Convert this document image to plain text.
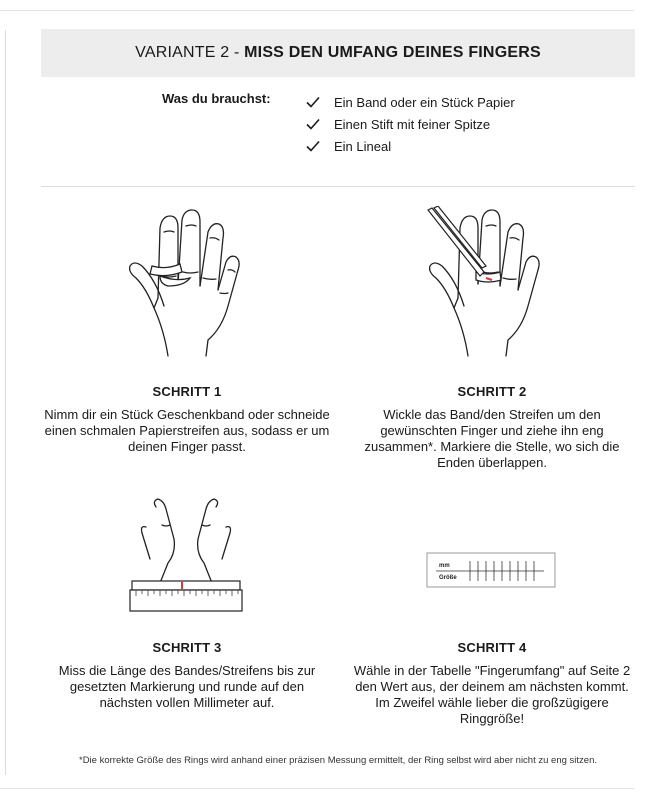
VARIANTE 2 - MISS DEN UMFANG DEINES FINGERS
Was du brauchst:	Ein Band oder ein Stück Papier
Einen Stift mit feiner Spitze
Ein Lineal
mm
Größe
SCHRITT 1

Nimm dir ein Stück Geschenkband oder schneide einen schmalen Papierstreifen aus, sodass er um deinen Finger passt.

SCHRITT 2

Wickle das Band/den Streifen um den gewünschten Finger und ziehe ihn eng zusammen*. Markiere die Stelle, wo sich die Enden überlappen.

SCHRITT 3

Miss die Länge des Bandes/Streifens bis zur gesetzten Markierung und runde auf den nächsten vollen Millimeter auf.

SCHRITT 4

Wähle in der Tabelle "Fingerumfang" auf Seite 2 den Wert aus, der deinem am nächsten kommt. Im Zweifel wähle lieber die großzügigere Ringgröße!

*Die korrekte Größe des Rings wird anhand einer präzisen Messung ermittelt, der Ring selbst wird aber nicht zu eng sitzen.
